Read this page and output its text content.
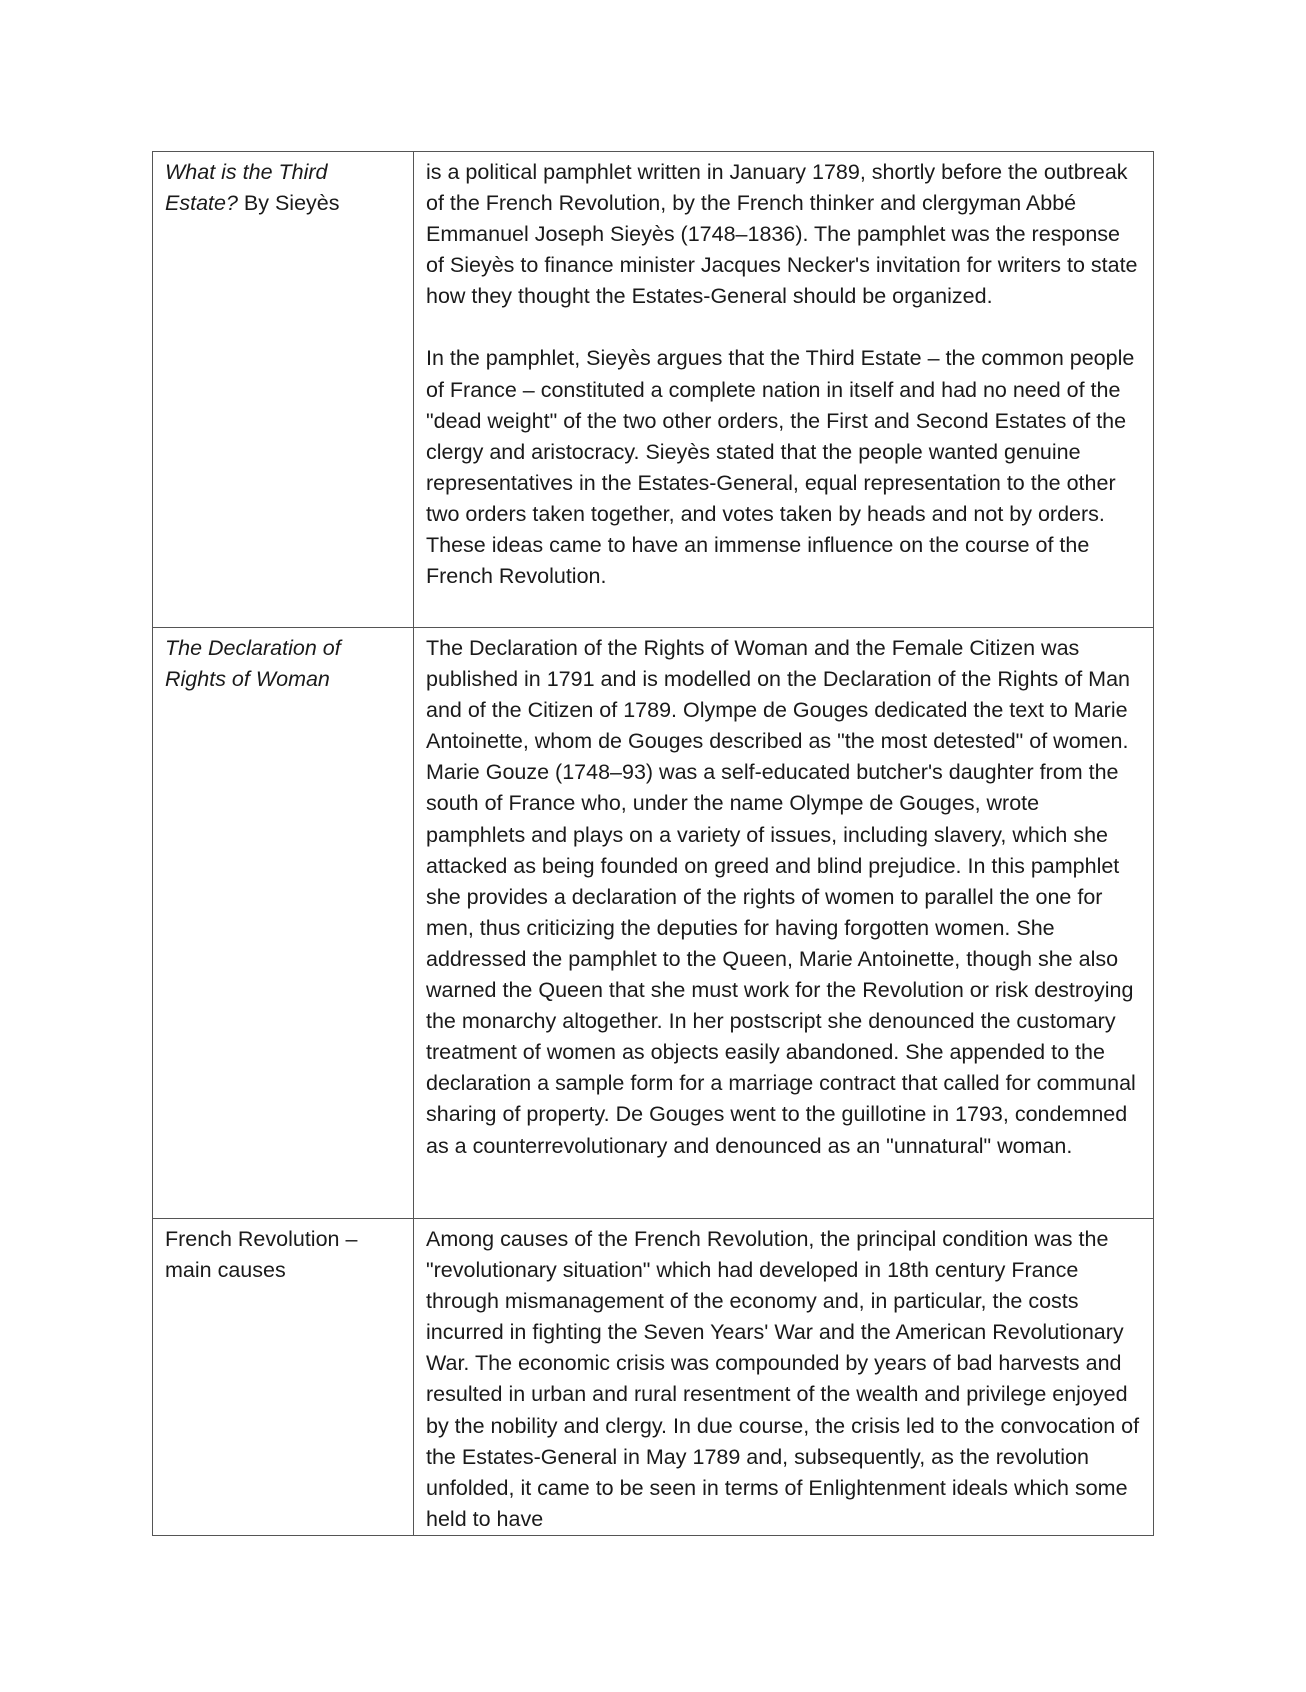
What is the Third Estate? By Sieyès	is a political pamphlet written in January 1789, shortly before the outbreak of the French Revolution, by the French thinker and clergyman Abbé Emmanuel Joseph Sieyès (1748–1836). The pamphlet was the response of Sieyès to finance minister Jacques Necker's invitation for writers to state how they thought the Estates-General should be organized.

In the pamphlet, Sieyès argues that the Third Estate – the common people of France – constituted a complete nation in itself and had no need of the "dead weight" of the two other orders, the First and Second Estates of the clergy and aristocracy. Sieyès stated that the people wanted genuine representatives in the Estates-General, equal representation to the other two orders taken together, and votes taken by heads and not by orders. These ideas came to have an immense influence on the course of the French Revolution.

The Declaration of Rights of Woman	The Declaration of the Rights of Woman and the Female Citizen was published in 1791 and is modelled on the Declaration of the Rights of Man and of the Citizen of 1789. Olympe de Gouges dedicated the text to Marie Antoinette, whom de Gouges described as "the most detested" of women. Marie Gouze (1748–93) was a self-educated butcher's daughter from the south of France who, under the name Olympe de Gouges, wrote pamphlets and plays on a variety of issues, including slavery, which she attacked as being founded on greed and blind prejudice. In this pamphlet she provides a declaration of the rights of women to parallel the one for men, thus criticizing the deputies for having forgotten women. She addressed the pamphlet to the Queen, Marie Antoinette, though she also warned the Queen that she must work for the Revolution or risk destroying the monarchy altogether. In her postscript she denounced the customary treatment of women as objects easily abandoned. She appended to the declaration a sample form for a marriage contract that called for communal sharing of property. De Gouges went to the guillotine in 1793, condemned as a counterrevolutionary and denounced as an "unnatural" woman.

French Revolution – main causes	Among causes of the French Revolution, the principal condition was the "revolutionary situation" which had developed in 18th century France through mismanagement of the economy and, in particular, the costs incurred in fighting the Seven Years' War and the American Revolutionary War. The economic crisis was compounded by years of bad harvests and resulted in urban and rural resentment of the wealth and privilege enjoyed by the nobility and clergy. In due course, the crisis led to the convocation of the Estates-General in May 1789 and, subsequently, as the revolution unfolded, it came to be seen in terms of Enlightenment ideals which some held to have
